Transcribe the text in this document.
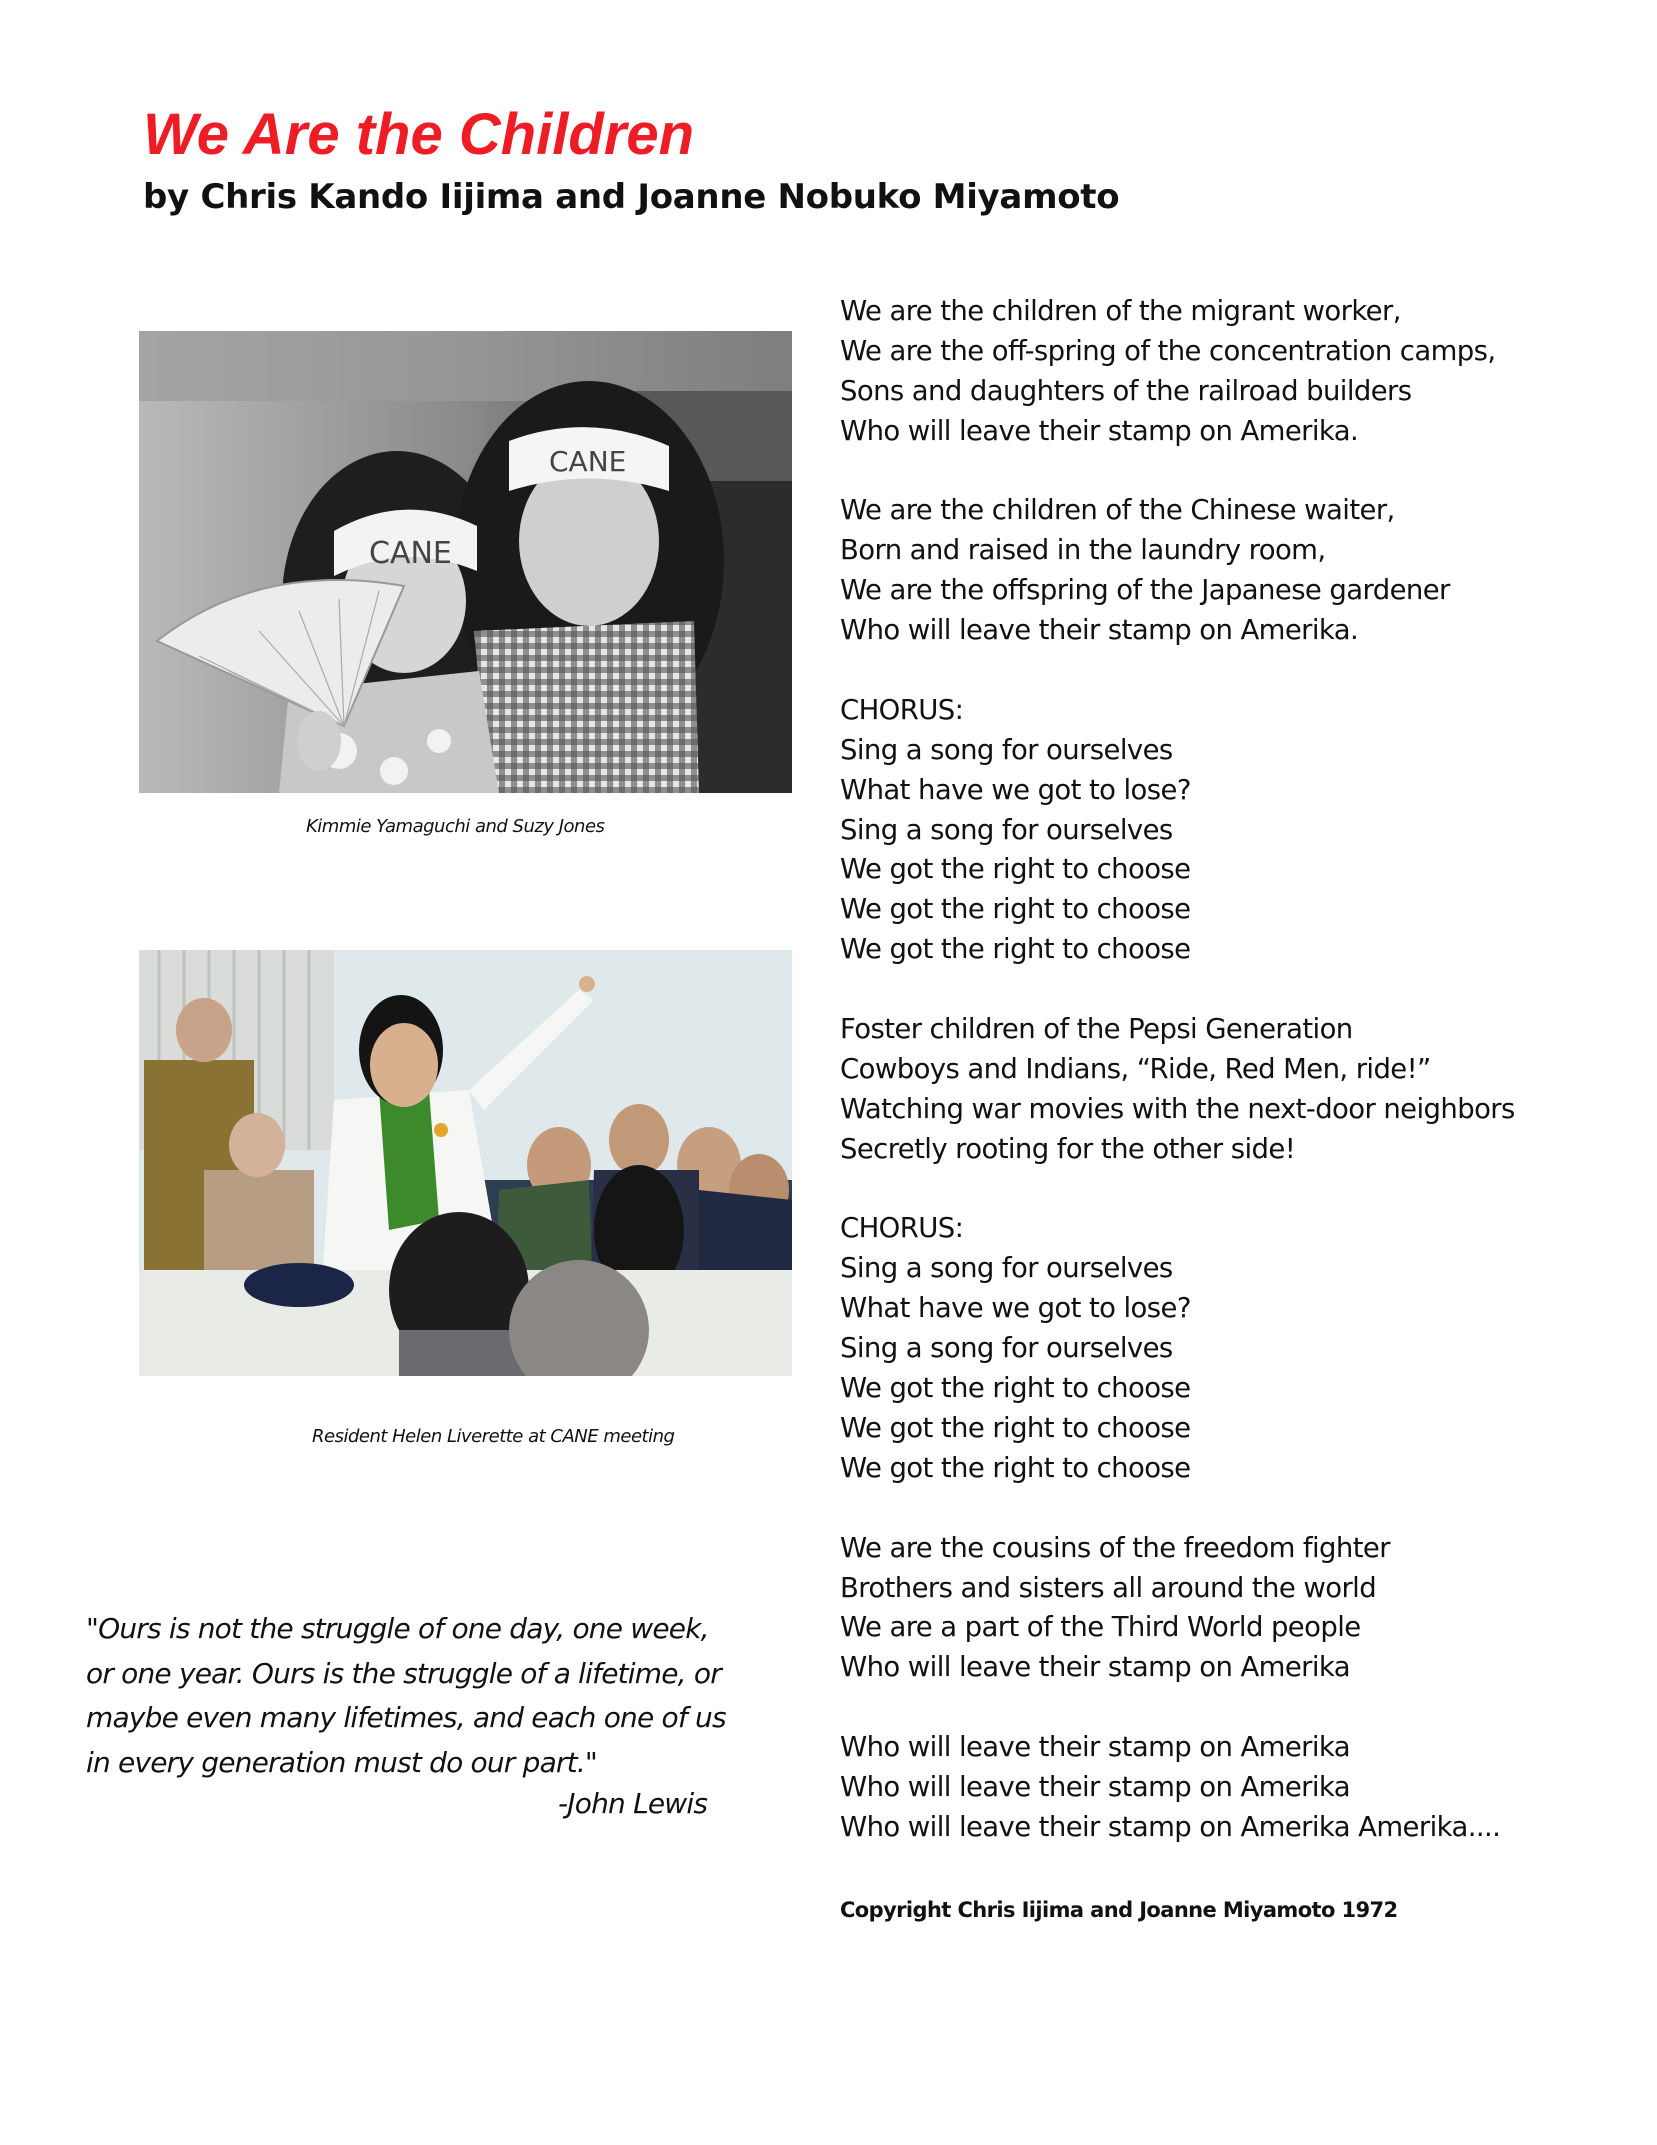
We Are the Children
by Chris Kando Iijima and Joanne Nobuko Miyamoto
CANE
CANE
Kimmie Yamaguchi and Suzy Jones
Resident Helen Liverette at CANE meeting
"Ours is not the struggle of one day, one week,
or one year. Ours is the struggle of a lifetime, or
maybe even many lifetimes, and each one of us
in every generation must do our part."
-John Lewis
We are the children of the migrant worker,
We are the off-spring of the concentration camps,
Sons and daughters of the railroad builders
Who will leave their stamp on Amerika.
We are the children of the Chinese waiter,
Born and raised in the laundry room,
We are the offspring of the Japanese gardener
Who will leave their stamp on Amerika.
CHORUS:
Sing a song for ourselves
What have we got to lose?
Sing a song for ourselves
We got the right to choose
We got the right to choose
We got the right to choose
Foster children of the Pepsi Generation
Cowboys and Indians, “Ride, Red Men, ride!”
Watching war movies with the next-door neighbors
Secretly rooting for the other side!
CHORUS:
Sing a song for ourselves
What have we got to lose?
Sing a song for ourselves
We got the right to choose
We got the right to choose
We got the right to choose
We are the cousins of the freedom fighter
Brothers and sisters all around the world
We are a part of the Third World people
Who will leave their stamp on Amerika
Who will leave their stamp on Amerika
Who will leave their stamp on Amerika
Who will leave their stamp on Amerika Amerika....
Copyright Chris Iijima and Joanne Miyamoto 1972
